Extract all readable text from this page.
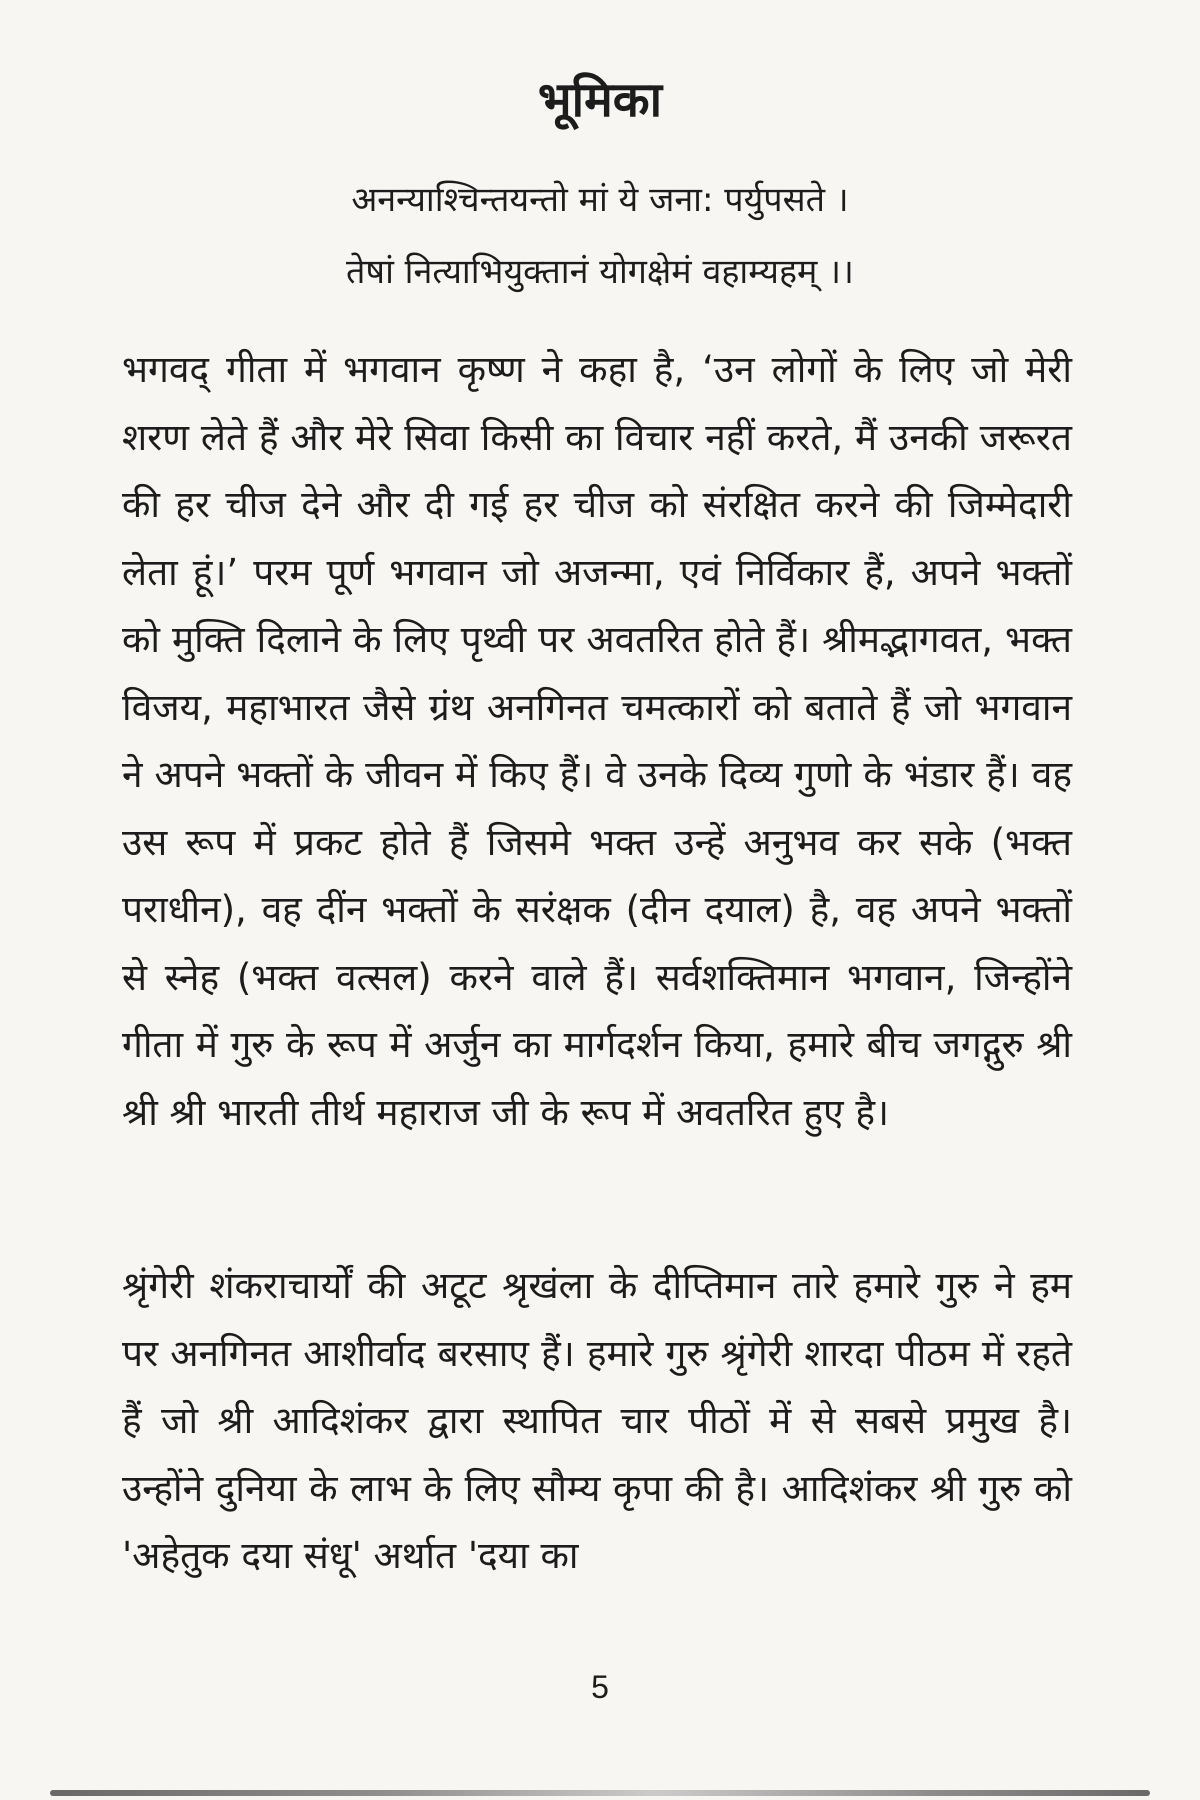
भूमिका
अनन्याश्चिन्तयन्तो मां ये जना: पर्युपसते ।
तेषां नित्याभियुक्तानं योगक्षेमं वहाम्यहम् ।।

भगवद् गीता में भगवान कृष्ण ने कहा है, ‘उन लोगों के लिए जो मेरी शरण लेते हैं और मेरे सिवा किसी का विचार नहीं करते, मैं उनकी जरूरत की हर चीज देने और दी गई हर चीज को संरक्षित करने की जिम्मेदारी लेता हूं।’ परम पूर्ण भगवान जो अजन्मा, एवं निर्विकार हैं, अपने भक्तों को मुक्ति दिलाने के लिए पृथ्वी पर अवतरित होते हैं। श्रीमद्भागवत, भक्त विजय, महाभारत जैसे ग्रंथ अनगिनत चमत्कारों को बताते हैं जो भगवान ने अपने भक्तों के जीवन में किए हैं। वे उनके दिव्य गुणो के भंडार हैं। वह उस रूप में प्रकट होते हैं जिसमे भक्त उन्हें अनुभव कर सके (भक्त पराधीन), वह दींन भक्तों के सरंक्षक (दीन दयाल) है, वह अपने भक्तों से स्नेह (भक्त वत्सल) करने वाले हैं। सर्वशक्तिमान भगवान, जिन्होंने गीता में गुरु के रूप में अर्जुन का मार्गदर्शन किया, हमारे बीच जगद्गुरु श्री श्री श्री भारती तीर्थ महाराज जी के रूप में अवतरित हुए है।

श्रृंगेरी शंकराचार्यों की अटूट श्रृखंला के दीप्तिमान तारे हमारे गुरु ने हम पर अनगिनत आशीर्वाद बरसाए हैं। हमारे गुरु श्रृंगेरी शारदा पीठम में रहते हैं जो श्री आदिशंकर द्वारा स्थापित चार पीठों में से सबसे प्रमुख है। उन्होंने दुनिया के लाभ के लिए सौम्य कृपा की है। आदिशंकर श्री गुरु को 'अहेतुक दया संधू' अर्थात 'दया का

5
